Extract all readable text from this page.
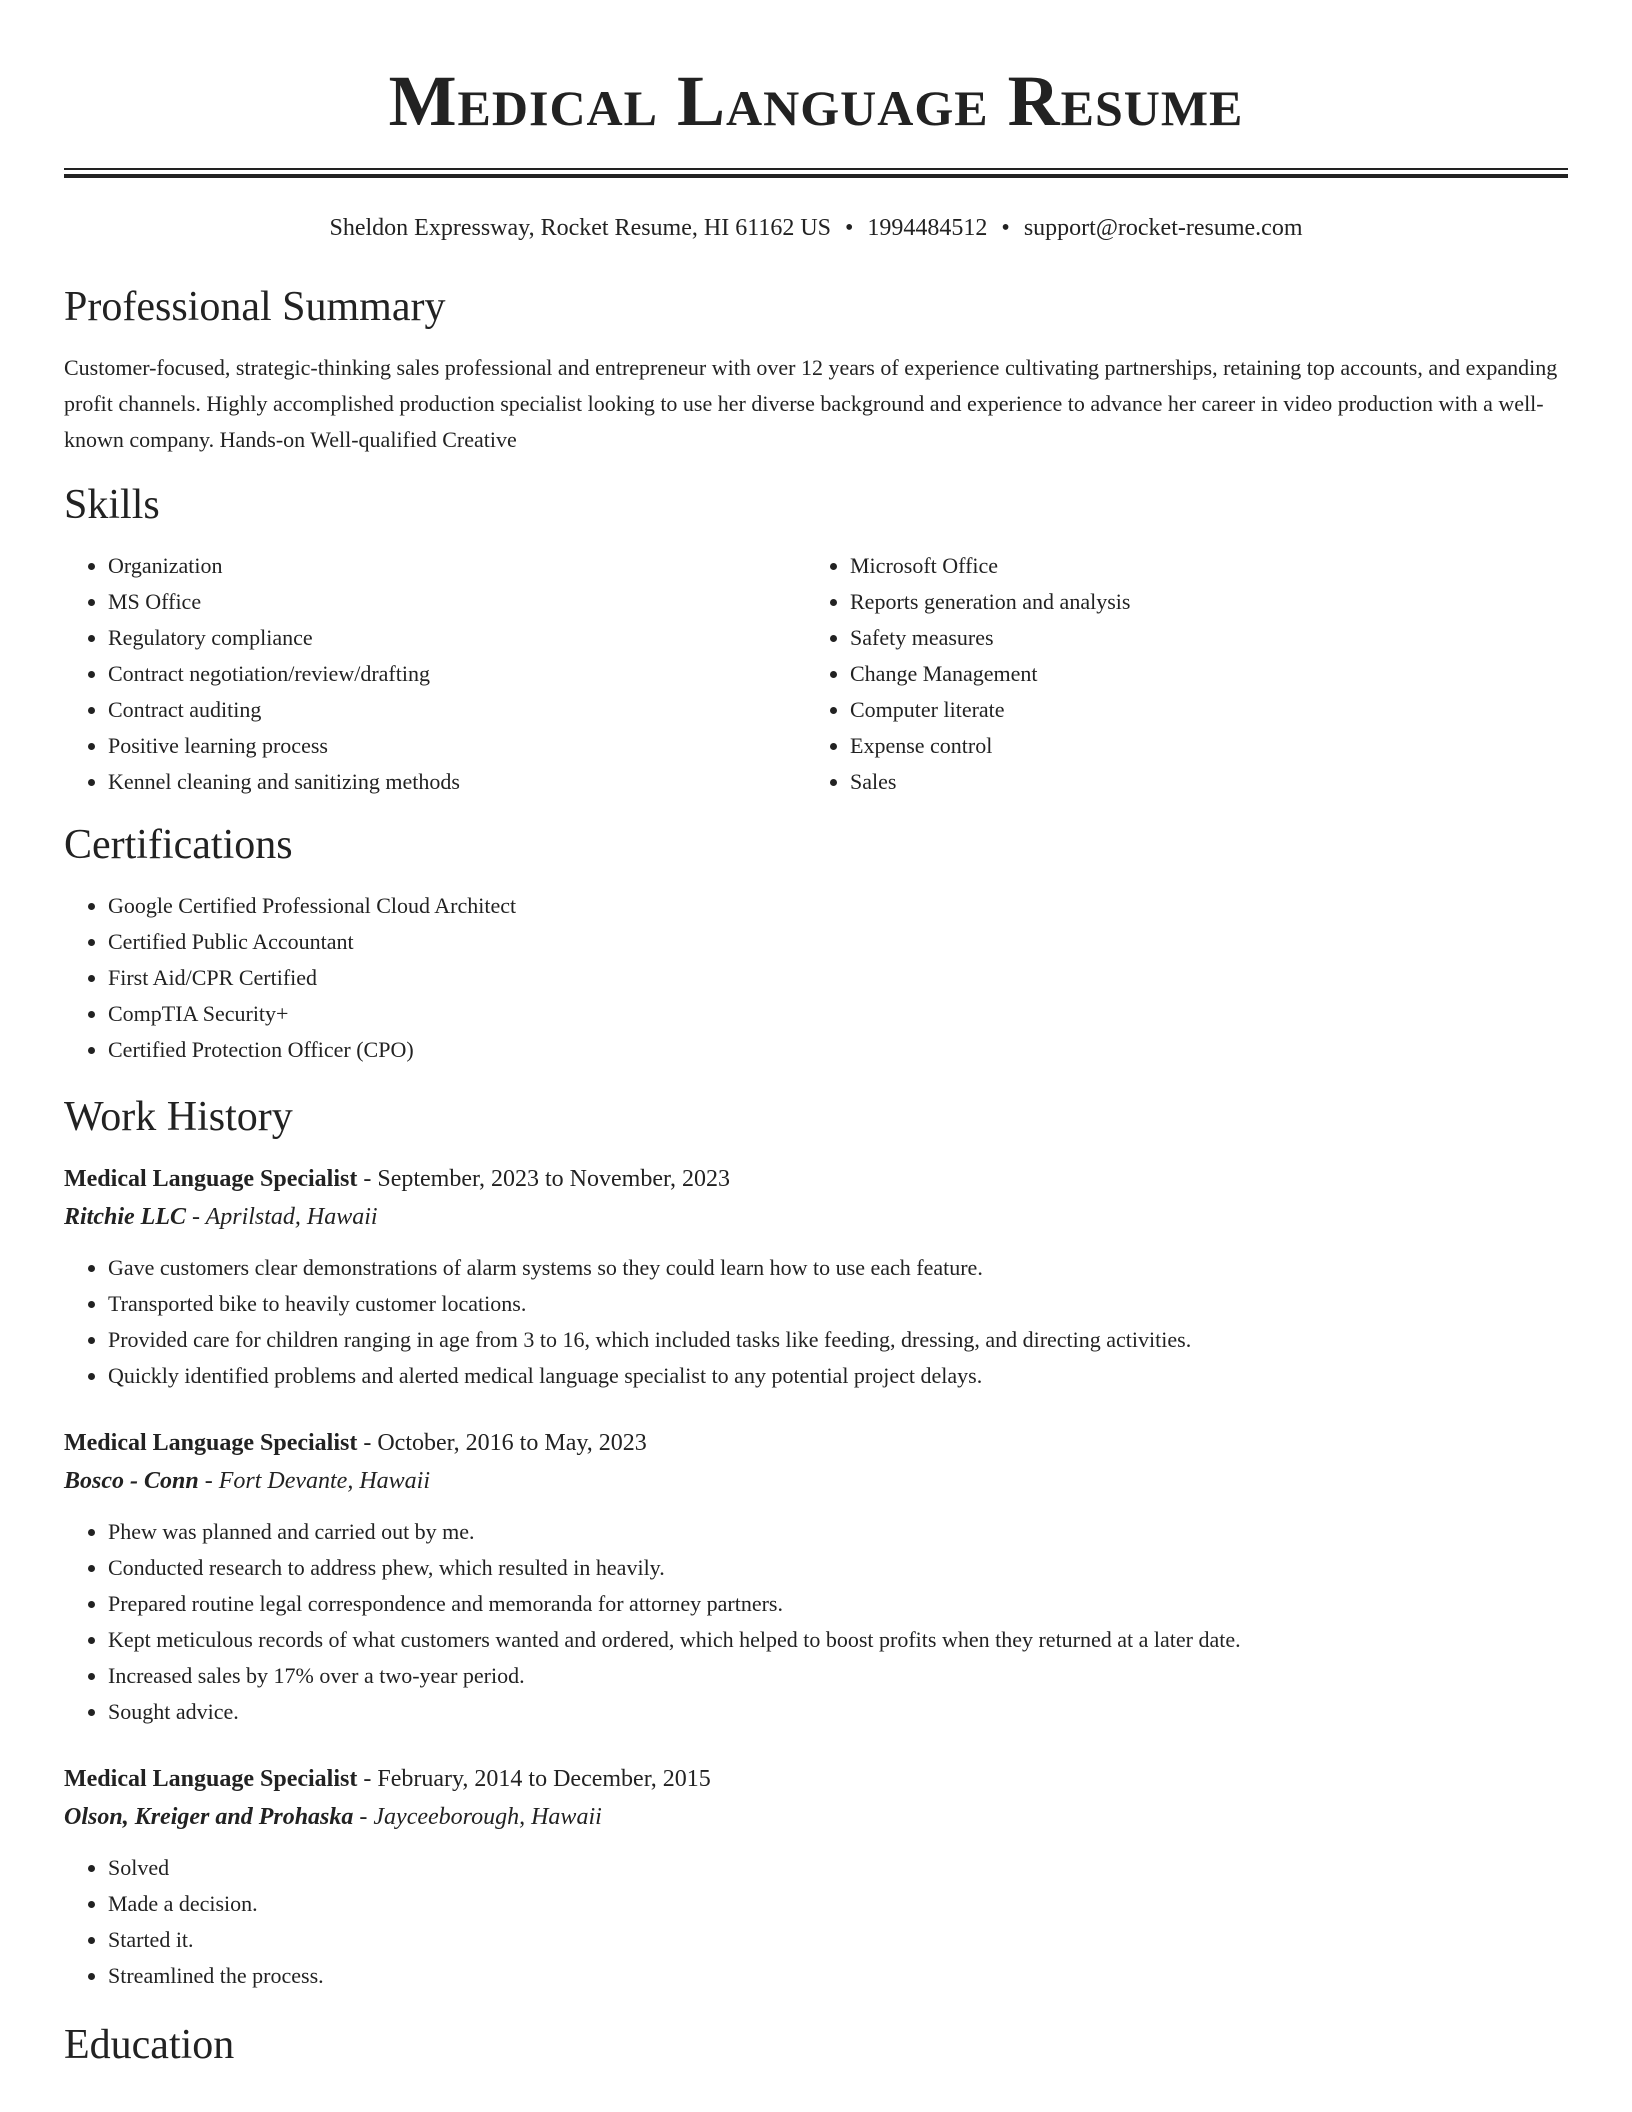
Medical Language Resume
Sheldon Expressway, Rocket Resume, HI 61162 US • 1994484512 • support@rocket-resume.com
Professional Summary

Customer-focused, strategic-thinking sales professional and entrepreneur with over 12 years of experience cultivating partnerships, retaining top accounts, and expanding profit channels. Highly accomplished production specialist looking to use her diverse background and experience to advance her career in video production with a well-known company. Hands-on Well-qualified Creative

Skills
• Organization
• MS Office
• Regulatory compliance
• Contract negotiation/review/drafting
• Contract auditing
• Positive learning process
• Kennel cleaning and sanitizing methods
• Microsoft Office
• Reports generation and analysis
• Safety measures
• Change Management
• Computer literate
• Expense control
• Sales
Certifications
• Google Certified Professional Cloud Architect
• Certified Public Accountant
• First Aid/CPR Certified
• CompTIA Security+
• Certified Protection Officer (CPO)
Work History
Medical Language Specialist - September, 2023 to November, 2023
Ritchie LLC - Aprilstad, Hawaii
• Gave customers clear demonstrations of alarm systems so they could learn how to use each feature.
• Transported bike to heavily customer locations.
• Provided care for children ranging in age from 3 to 16, which included tasks like feeding, dressing, and directing activities.
• Quickly identified problems and alerted medical language specialist to any potential project delays.
Medical Language Specialist - October, 2016 to May, 2023
Bosco - Conn - Fort Devante, Hawaii
• Phew was planned and carried out by me.
• Conducted research to address phew, which resulted in heavily.
• Prepared routine legal correspondence and memoranda for attorney partners.
• Kept meticulous records of what customers wanted and ordered, which helped to boost profits when they returned at a later date.
• Increased sales by 17% over a two-year period.
• Sought advice.
Medical Language Specialist - February, 2014 to December, 2015
Olson, Kreiger and Prohaska - Jayceeborough, Hawaii
• Solved
• Made a decision.
• Started it.
• Streamlined the process.
Education
